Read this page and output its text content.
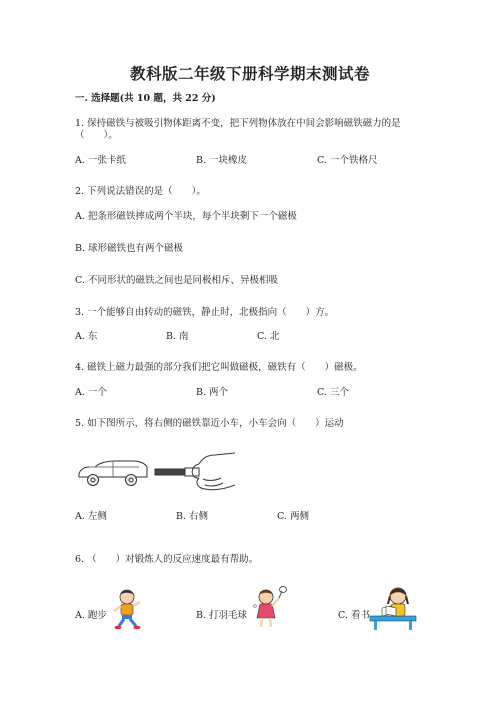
教科版二年级下册科学期末测试卷
一. 选择题(共 10 题，共 22 分)
1. 保持磁铁与被吸引物体距离不变，把下列物体放在中间会影响磁铁磁力的是
（　　）。
A. 一张卡纸	B. 一块橡皮	C. 一个铁格尺
2. 下列说法错误的是（　　）。
A. 把条形磁铁摔成两个半块，每个半块剩下一个磁极
B. 球形磁铁也有两个磁极
C. 不同形状的磁铁之间也是同极相斥、异极相吸
3. 一个能够自由转动的磁铁，静止时，北极指向（　　）方。
A. 东	B. 南	C. 北
4. 磁铁上磁力最强的部分我们把它叫做磁极，磁铁有（　　）磁极。
A. 一个	B. 两个	C. 三个
5. 如下图所示，将右侧的磁铁靠近小车，小车会向（　　）运动
A. 左侧	B. 右侧	C. 两侧
6. （　　）对锻炼人的反应速度最有帮助。
A. 跑步	B. 打羽毛球	C. 看书
